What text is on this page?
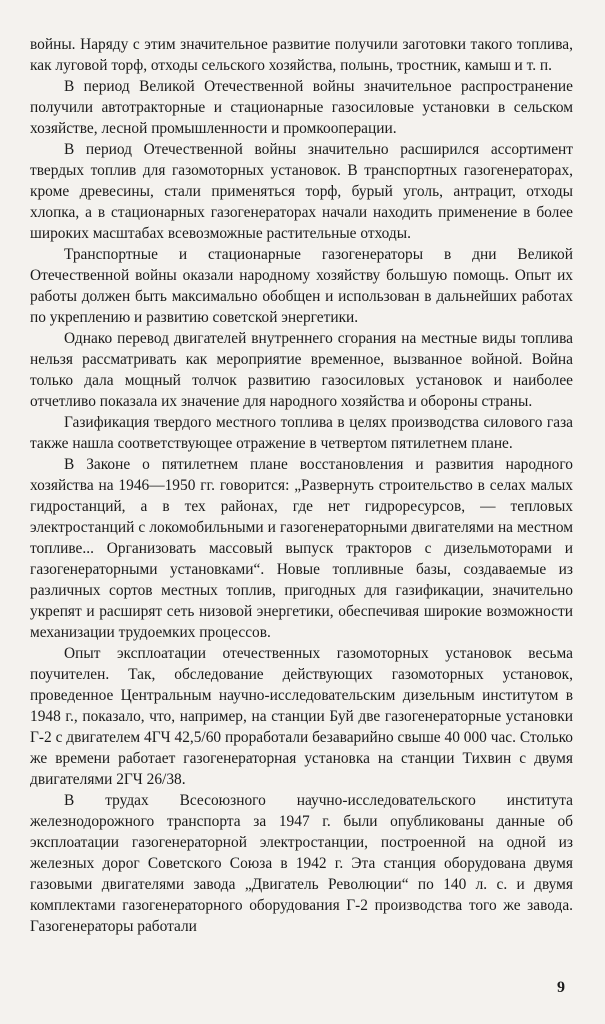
войны. Наряду с этим значительное развитие получили заготовки такого топлива, как луговой торф, отходы сельского хозяйства, полынь, тростник, камыш и т. п.

В период Великой Отечественной войны значительное распространение получили автотракторные и стационарные газосиловые установки в сельском хозяйстве, лесной промышленности и промкооперации.

В период Отечественной войны значительно расширился ассортимент твердых топлив для газомоторных установок. В транспортных газогенераторах, кроме древесины, стали применяться торф, бурый уголь, антрацит, отходы хлопка, а в стационарных газогенераторах начали находить применение в более широких масштабах всевозможные растительные отходы.

Транспортные и стационарные газогенераторы в дни Великой Отечественной войны оказали народному хозяйству большую помощь. Опыт их работы должен быть максимально обобщен и использован в дальнейших работах по укреплению и развитию советской энергетики.

Однако перевод двигателей внутреннего сгорания на местные виды топлива нельзя рассматривать как мероприятие временное, вызванное войной. Война только дала мощный толчок развитию газосиловых установок и наиболее отчетливо показала их значение для народного хозяйства и обороны страны.

Газификация твердого местного топлива в целях производства силового газа также нашла соответствующее отражение в четвертом пятилетнем плане.

В Законе о пятилетнем плане восстановления и развития народного хозяйства на 1946—1950 гг. говорится: „Развернуть строительство в селах малых гидростанций, а в тех районах, где нет гидроресурсов, — тепловых электростанций с локомобильными и газогенераторными двигателями на местном топливе... Организовать массовый выпуск тракторов с дизельмоторами и газогенераторными установками“. Новые топливные базы, создаваемые из различных сортов местных топлив, пригодных для газификации, значительно укрепят и расширят сеть низовой энергетики, обеспечивая широкие возможности механизации трудоемких процессов.

Опыт эксплоатации отечественных газомоторных установок весьма поучителен. Так, обследование действующих газомоторных установок, проведенное Центральным научно-исследовательским дизельным институтом в 1948 г., показало, что, например, на станции Буй две газогенераторные установки Г-2 с двигателем 4ГЧ 42,5/60 проработали безаварийно свыше 40 000 час. Столько же времени работает газогенераторная установка на станции Тихвин с двумя двигателями 2ГЧ 26/38.

В трудах Всесоюзного научно-исследовательского института железнодорожного транспорта за 1947 г. были опубликованы данные об эксплоатации газогенераторной электростанции, построенной на одной из железных дорог Советского Союза в 1942 г. Эта станция оборудована двумя газовыми двигателями завода „Двигатель Революции“ по 140 л. с. и двумя комплектами газогенераторного оборудования Г-2 производства того же завода. Газогенераторы работали

9
